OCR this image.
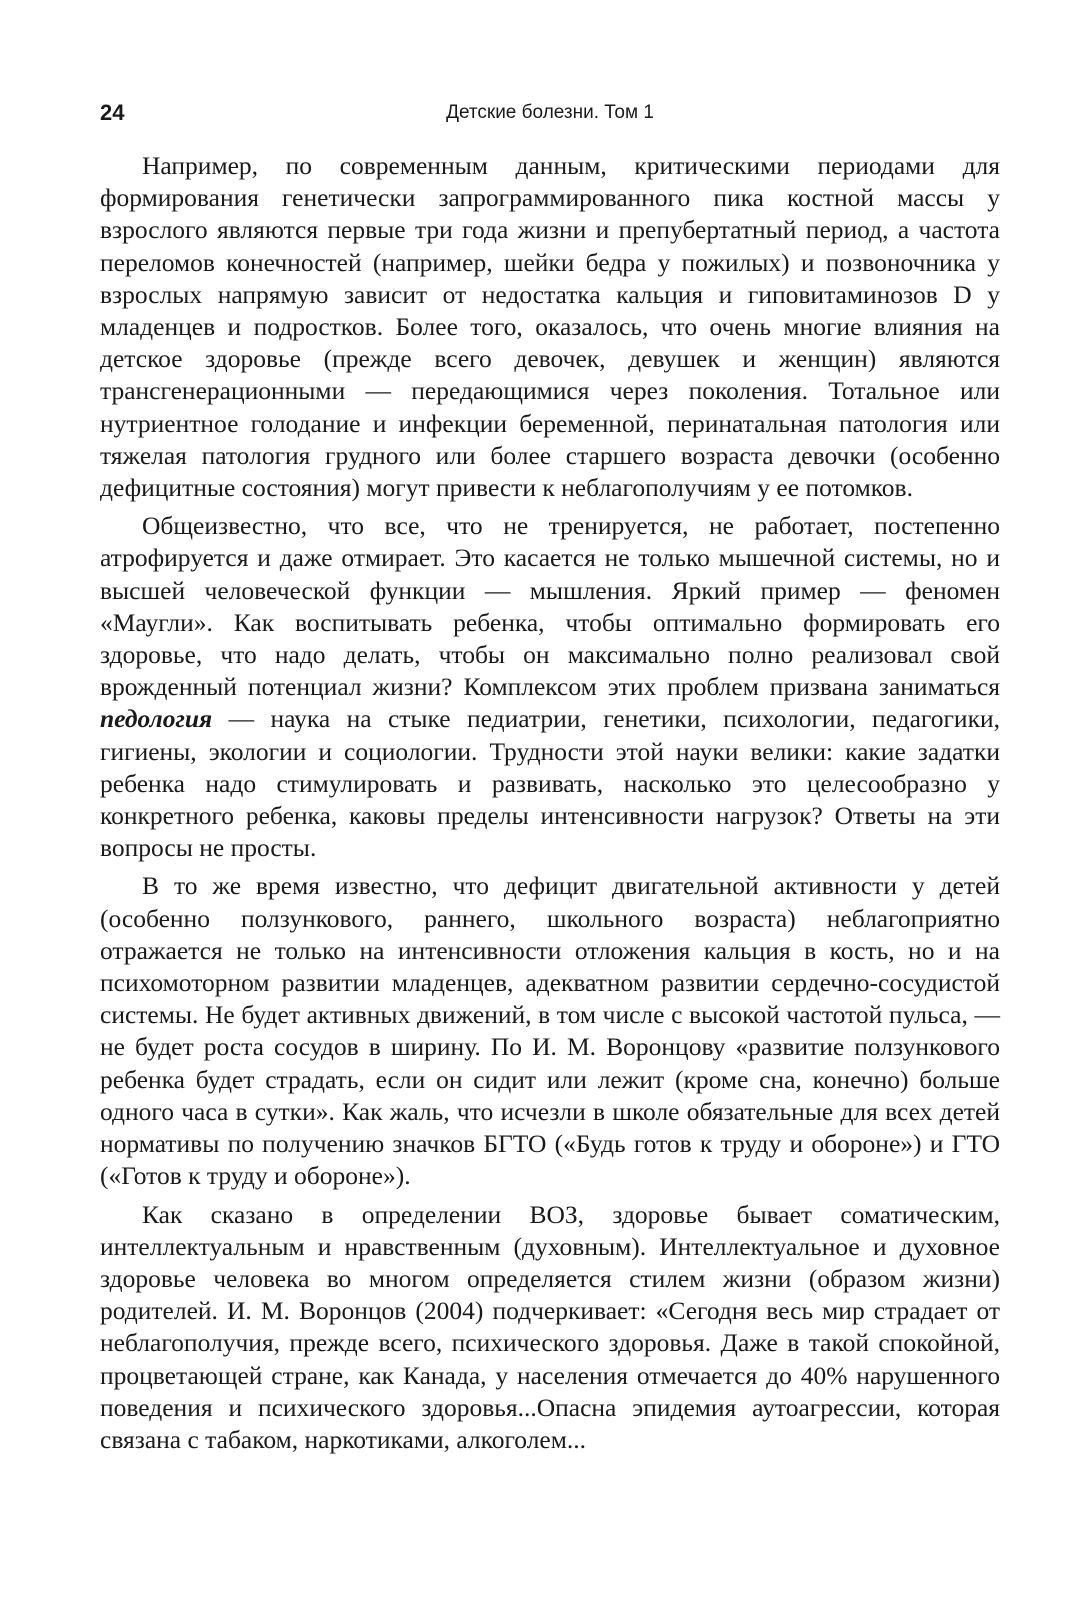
24	Детские болезни. Том 1

Например, по современным данным, критическими периодами для формирования генетически запрограммированного пика костной массы у взрослого являются первые три года жизни и препубертатный период, а частота переломов конечностей (например, шейки бедра у пожилых) и позвоночника у взрослых напрямую зависит от недостатка кальция и гиповитаминозов D у младенцев и подростков. Более того, оказалось, что очень многие влияния на детское здоровье (прежде всего девочек, девушек и женщин) являются трансгенерационными — передающимися через поколения. Тотальное или нутриентное голодание и инфекции беременной, перинатальная патология или тяжелая патология грудного или более старшего возраста девочки (особенно дефицитные состояния) могут привести к неблагополучиям у ее потомков.

Общеизвестно, что все, что не тренируется, не работает, постепенно атрофируется и даже отмирает. Это касается не только мышечной системы, но и высшей человеческой функции — мышления. Яркий пример — феномен «Маугли». Как воспитывать ребенка, чтобы оптимально формировать его здоровье, что надо делать, чтобы он максимально полно реализовал свой врожденный потенциал жизни? Комплексом этих проблем призвана заниматься педология — наука на стыке педиатрии, генетики, психологии, педагогики, гигиены, экологии и социологии. Трудности этой науки велики: какие задатки ребенка надо стимулировать и развивать, насколько это целесообразно у конкретного ребенка, каковы пределы интенсивности нагрузок? Ответы на эти вопросы не просты.

В то же время известно, что дефицит двигательной активности у детей (особенно ползункового, раннего, школьного возраста) неблагоприятно отражается не только на интенсивности отложения кальция в кость, но и на психомоторном развитии младенцев, адекватном развитии сердечно-сосудистой системы. Не будет активных движений, в том числе с высокой частотой пульса, — не будет роста сосудов в ширину. По И. М. Воронцову «развитие ползункового ребенка будет страдать, если он сидит или лежит (кроме сна, конечно) больше одного часа в сутки». Как жаль, что исчезли в школе обязательные для всех детей нормативы по получению значков БГТО («Будь готов к труду и обороне») и ГТО («Готов к труду и обороне»).

Как сказано в определении ВОЗ, здоровье бывает соматическим, интеллектуальным и нравственным (духовным). Интеллектуальное и духовное здоровье человека во многом определяется стилем жизни (образом жизни) родителей. И. М. Воронцов (2004) подчеркивает: «Сегодня весь мир страдает от неблагополучия, прежде всего, психического здоровья. Даже в такой спокойной, процветающей стране, как Канада, у населения отмечается до 40% нарушенного поведения и психического здоровья...Опасна эпидемия аутоагрессии, которая связана с табаком, наркотиками, алкоголем...
